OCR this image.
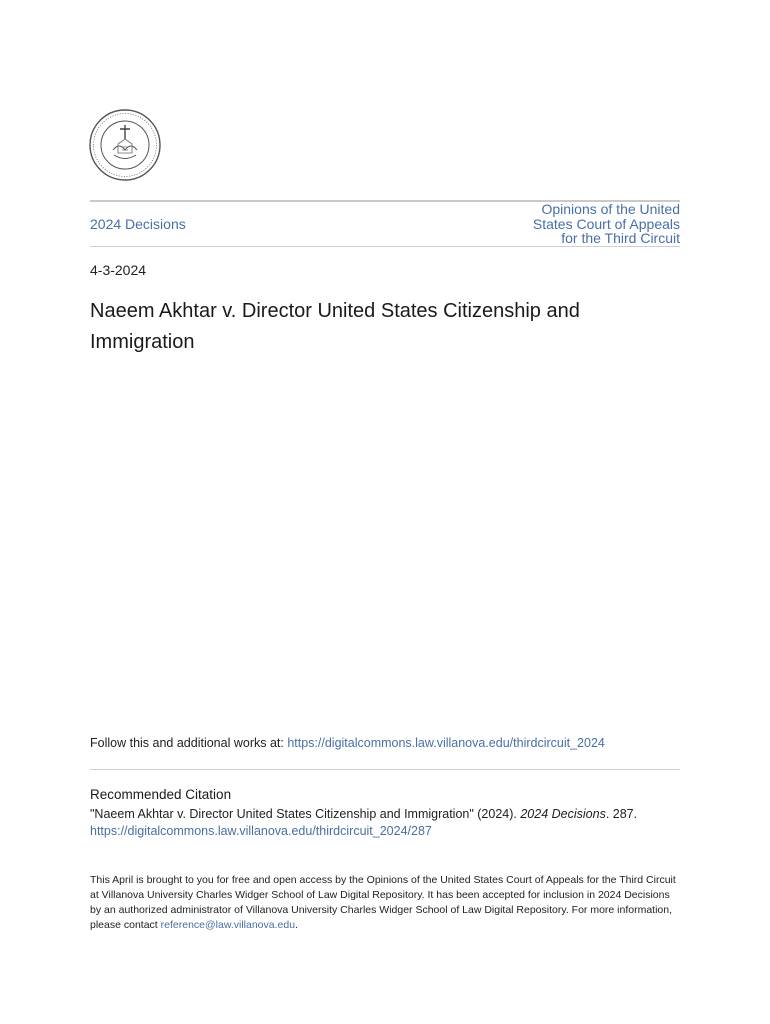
2024 Decisions
Opinions of the United
States Court of Appeals
for the Third Circuit
4-3-2024
Naeem Akhtar v. Director United States Citizenship and Immigration
Follow this and additional works at: https://digitalcommons.law.villanova.edu/thirdcircuit_2024
Recommended Citation
"Naeem Akhtar v. Director United States Citizenship and Immigration" (2024). 2024 Decisions. 287.
https://digitalcommons.law.villanova.edu/thirdcircuit_2024/287
This April is brought to you for free and open access by the Opinions of the United States Court of Appeals for the Third Circuit at Villanova University Charles Widger School of Law Digital Repository. It has been accepted for inclusion in 2024 Decisions by an authorized administrator of Villanova University Charles Widger School of Law Digital Repository. For more information, please contact reference@law.villanova.edu.
